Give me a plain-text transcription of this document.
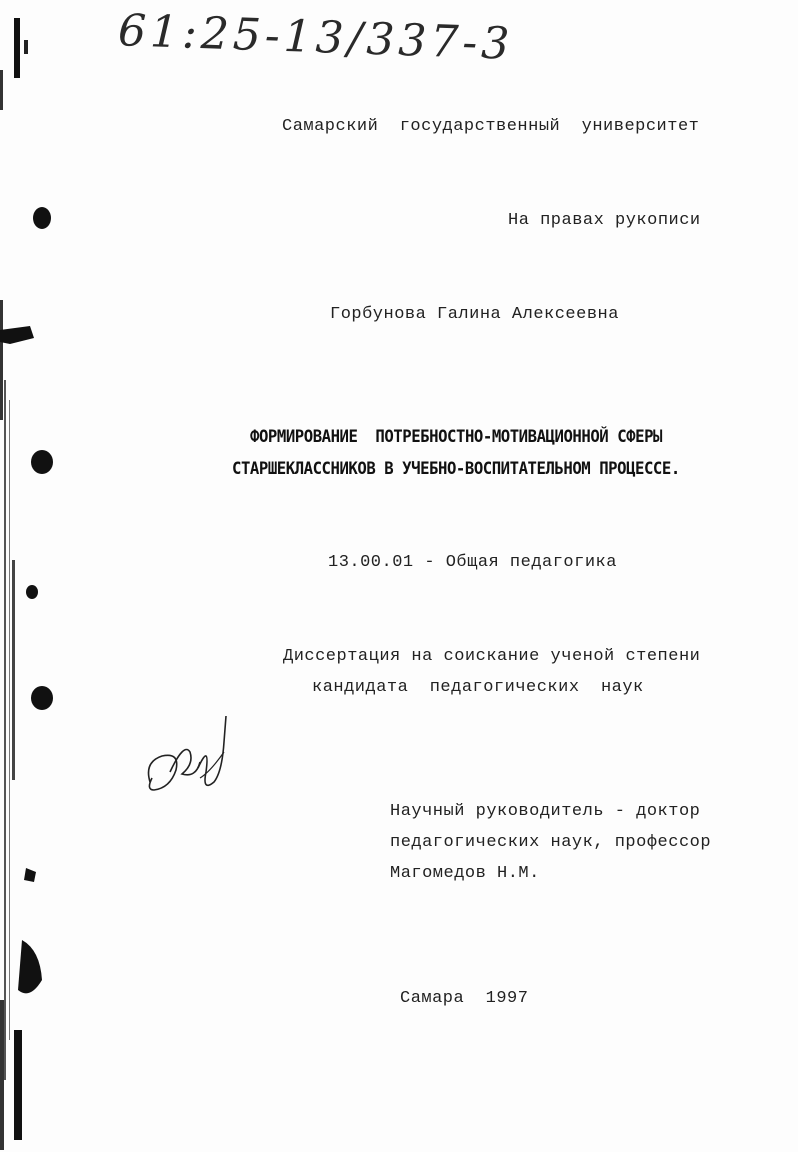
61:25-13/337-3
Самарский  государственный  университет
На правах рукописи
Горбунова Галина Алексеевна
ФОРМИРОВАНИЕ  ПОТРЕБНОСТНО-МОТИВАЦИОННОЙ СФЕРЫ
СТАРШЕКЛАССНИКОВ В УЧЕБНО-ВОСПИТАТЕЛЬНОМ ПРОЦЕССЕ.
13.00.01 - Общая педагогика
Диссертация на соискание ученой степени
кандидата  педагогических  наук
Научный руководитель - доктор
педагогических наук, профессор
Магомедов Н.М.
Самара  1997
